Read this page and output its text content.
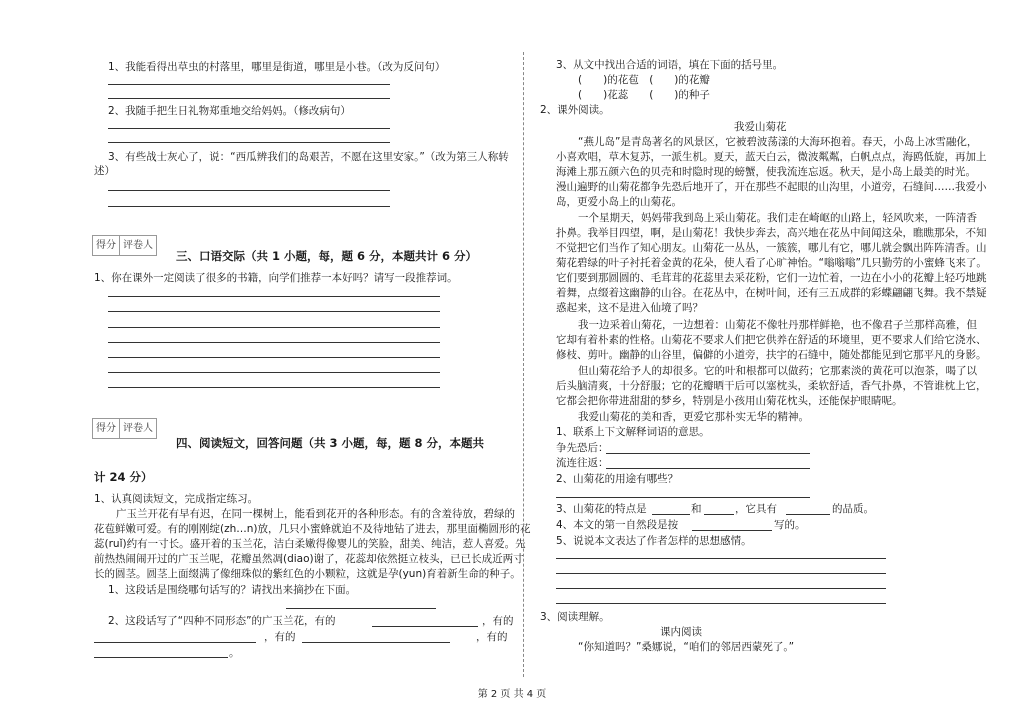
1、我能看得出草虫的村落里，哪里是街道，哪里是小巷。（改为反问句）
2、我随手把生日礼物郑重地交给妈妈。（修改病句）
3、有些战士灰心了，说：“西瓜辨我们的岛艰苦，不愿在这里安家。”（改为第三人称转
述）
得分 评卷人
三、口语交际（共 1 小题，每，题 6 分，本题共计 6 分）
1、你在课外一定阅读了很多的书籍，向学们推荐一本好吗？请写一段推荐词。
得分 评卷人
四、阅读短文，回答问题（共 3 小题，每，题 8 分，本题共
计 24 分）
1、认真阅读短文，完成指定练习。
广玉兰开花有早有迟，在同一棵树上，能看到花开的各种形态。有的含羞待放，碧绿的
花苞鲜嫩可爱。有的刚刚绽(zh…n)放，几只小蜜蜂就迫不及待地钻了进去，那里面椭圆形的花
蕊(ruǐ)约有一寸长。盛开着的玉兰花，洁白柔嫩得像婴儿的笑脸，甜美、纯洁，惹人喜爱。先
前热热闹闹开过的广玉兰呢，花瓣虽然凋(diao)谢了，花蕊却依然挺立枝头，已已长成近两寸
长的圆茎。圆茎上面缀满了像细珠似的紫红色的小颗粒，这就是孕(yun)育着新生命的种子。
1、这段话是围绕哪句话写的？请找出来摘抄在下面。
2、这段话写了“四种不同形态”的广玉兰花，有的	，有的
，有的	，有的
。
3、从文中找出合适的词语，填在下面的括号里。
(　　)的花苞　(　　)的花瓣
(　　)花蕊　　(　　)的种子
2、课外阅读。
我爱山菊花
“燕儿岛”是青岛著名的风景区，它被碧波荡漾的大海环抱着。春天，小岛上冰雪融化，
小喜欢唱，草木复苏，一派生机。夏天，蓝天白云，微波粼粼，白帆点点，海鸥低旋，再加上
海滩上那五颜六色的贝壳和时隐时现的螃蟹，使我流连忘返。秋天，是小岛上最美的时光。
漫山遍野的山菊花都争先恐后地开了，开在那些不起眼的山沟里，小道旁，石缝间……我爱小
岛，更爱小岛上的山菊花。
一个星期天，妈妈带我到岛上采山菊花。我们走在崎岖的山路上，轻风吹来，一阵清香
扑鼻。我举目四望，啊，是山菊花！我快步奔去，高兴地在花丛中间闻这朵，瞧瞧那朵，不知
不觉把它们当作了知心朋友。山菊花一丛丛，一簇簇，哪儿有它，哪儿就会飘出阵阵清香。山
菊花碧绿的叶子衬托着金黄的花朵，使人看了心旷神怡。“嗡嗡嗡”几只勤劳的小蜜蜂飞来了。
它们要到那圆圆的、毛茸茸的花蕊里去采花粉，它们一边忙着，一边在小小的花瓣上轻巧地跳
着舞，点缀着这幽静的山谷。在花丛中，在树叶间，还有三五成群的彩蝶翩翩飞舞。我不禁疑
惑起来，这不是进入仙境了吗？
我一边采着山菊花，一边想着：山菊花不像牡丹那样鲜艳，也不像君子兰那样高雅，但
它却有着朴素的性格。山菊花不要求人们把它供养在舒适的环境里，更不要求人们给它浇水、
修枝、剪叶。幽静的山谷里，偏僻的小道旁，扶宇的石缝中，随处都能见到它那平凡的身影。
但山菊花给予人的却很多。它的叶和根都可以做药；它那素淡的黄花可以泡茶，喝了以
后头脑清爽，十分舒服；它的花瓣晒干后可以塞枕头，柔软舒适，香气扑鼻，不管谁枕上它，
它都会把你带进甜甜的梦乡，特别是小孩用山菊花枕头，还能保护眼睛呢。
我爱山菊花的美和香，更爱它那朴实无华的精神。
1、联系上下文解释词语的意思。
争先恐后：
流连往返：
2、山菊花的用途有哪些？
3、山菊花的特点是	和	，它具有	的品质。
4、本文的第一自然段是按	写的。
5、说说本文表达了作者怎样的思想感情。
3、阅读理解。
课内阅读
“你知道吗？”桑娜说，“咱们的邻居西蒙死了。”
第 2 页 共 4 页
